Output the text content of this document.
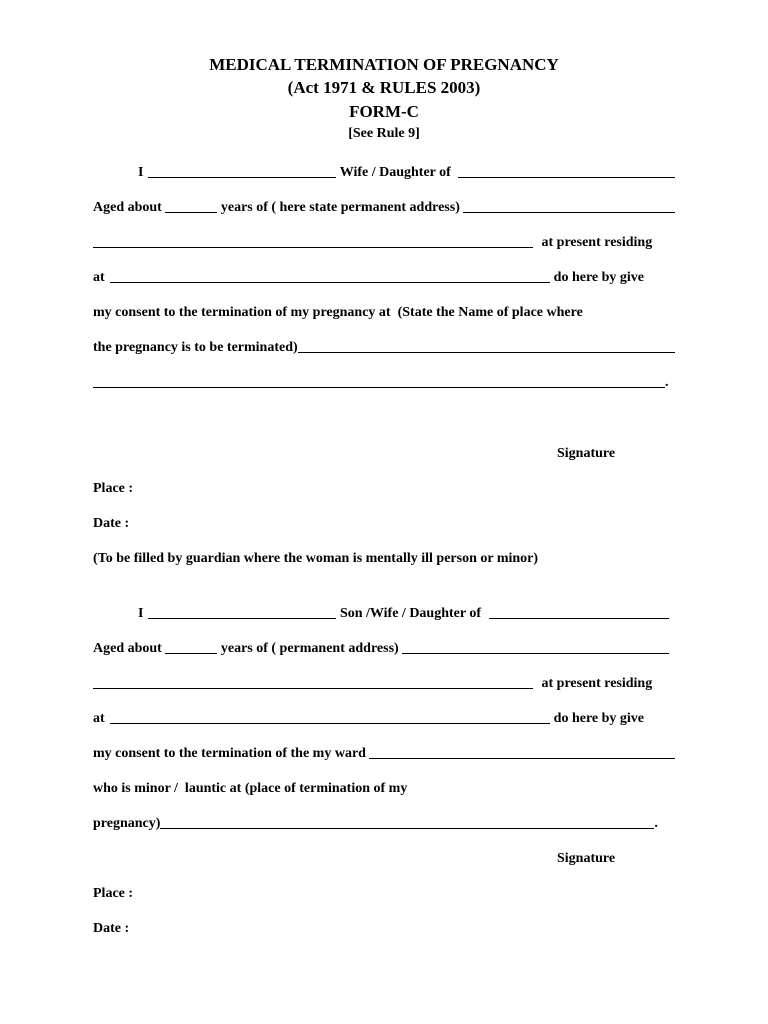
MEDICAL TERMINATION OF PREGNANCY
(Act 1971 & RULES 2003)
FORM-C
[See Rule 9]
I	Wife / Daughter of
Aged about	years of ( here state permanent address)
at present residing
at	do here by give
my consent to the termination of my pregnancy at  (State the Name of place where
the pregnancy is to be terminated)
.
Signature
Place :
Date :
(To be filled by guardian where the woman is mentally ill person or minor)
I	Son /Wife / Daughter of
Aged about	years of ( permanent address)
at present residing
at	do here by give
my consent to the termination of the my ward
who is minor /  launtic at (place of termination of my
pregnancy)	.
Signature
Place :
Date :
